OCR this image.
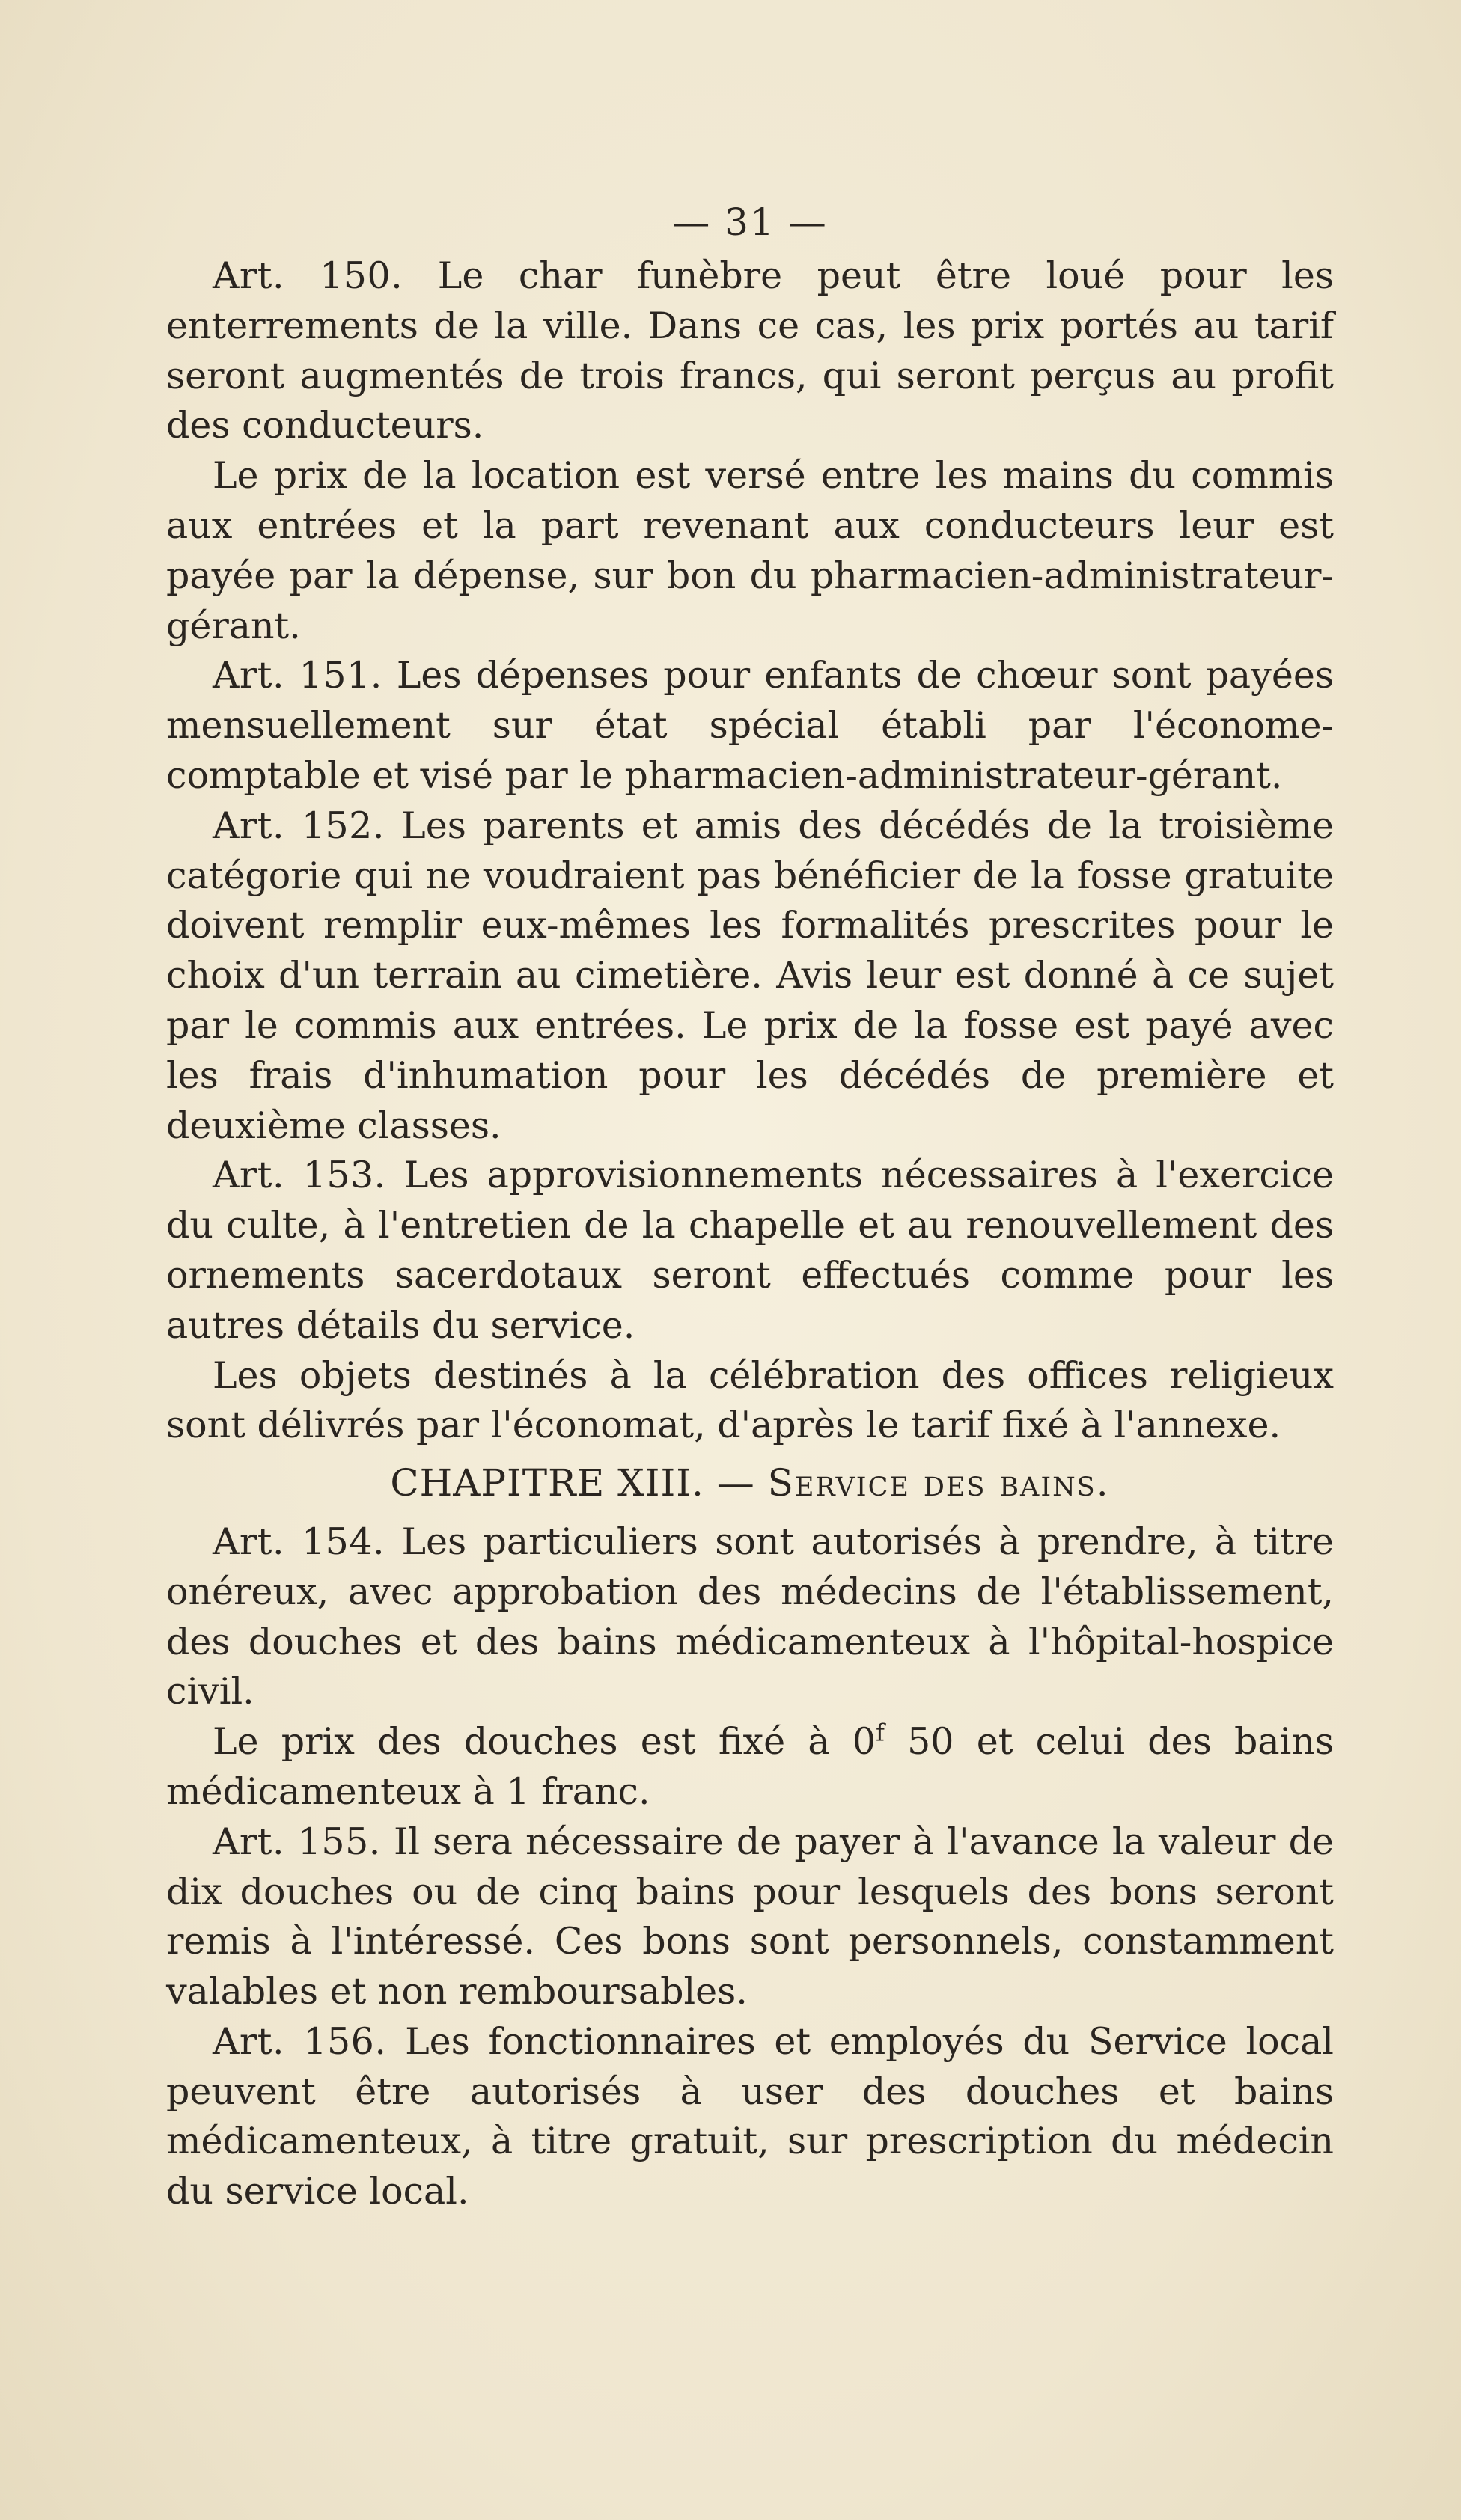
— 31 —

Art. 150. Le char funèbre peut être loué pour les enterrements de la ville. Dans ce cas, les prix portés au tarif seront augmentés de trois francs, qui seront perçus au profit des conducteurs.

Le prix de la location est versé entre les mains du commis aux entrées et la part revenant aux conducteurs leur est payée par la dépense, sur bon du pharmacien-administrateur-gérant.

Art. 151. Les dépenses pour enfants de chœur sont payées mensuellement sur état spécial établi par l'économe-comptable et visé par le pharmacien-administrateur-gérant.

Art. 152. Les parents et amis des décédés de la troisième catégorie qui ne voudraient pas bénéficier de la fosse gratuite doivent remplir eux-mêmes les formalités prescrites pour le choix d'un terrain au cimetière. Avis leur est donné à ce sujet par le commis aux entrées. Le prix de la fosse est payé avec les frais d'inhumation pour les décédés de première et deuxième classes.

Art. 153. Les approvisionnements nécessaires à l'exercice du culte, à l'entretien de la chapelle et au renouvellement des ornements sacerdotaux seront effectués comme pour les autres détails du service.

Les objets destinés à la célébration des offices religieux sont délivrés par l'économat, d'après le tarif fixé à l'annexe.

CHAPITRE XIII. — Service des bains.

Art. 154. Les particuliers sont autorisés à prendre, à titre onéreux, avec approbation des médecins de l'établissement, des douches et des bains médicamenteux à l'hôpital-hospice civil.

Le prix des douches est fixé à 0$^f$ 50 et celui des bains médicamenteux à 1 franc.

Art. 155. Il sera nécessaire de payer à l'avance la valeur de dix douches ou de cinq bains pour lesquels des bons seront remis à l'intéressé. Ces bons sont personnels, constamment valables et non remboursables.

Art. 156. Les fonctionnaires et employés du Service local peuvent être autorisés à user des douches et bains médicamenteux, à titre gratuit, sur prescription du médecin du service local.
